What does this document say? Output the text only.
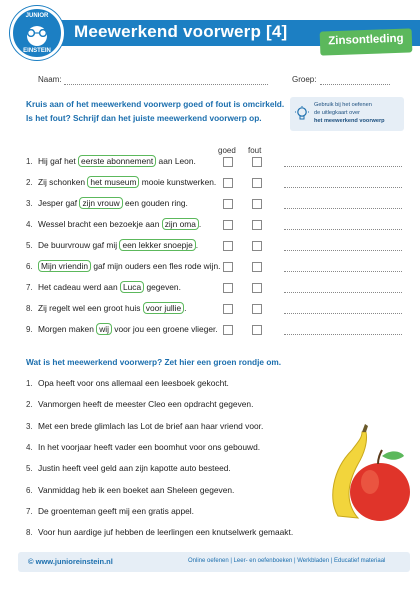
Meewerkend voorwerp [4]
JUNIOR
EINSTEIN
Zinsontleding
Naam:	Groep:
Kruis aan of het meewerkend voorwerp goed of fout is omcirkeld.
Is het fout? Schrijf dan het juiste meewerkend voorwerp op.
Gebruik bij het oefenen
de uitlegkaart over
het meewerkend voorwerp
goed fout
1. Hij gaf het eerste abonnement aan Leon.
2. Zij schonken het museum mooie kunstwerken.
3. Jesper gaf zijn vrouw een gouden ring.
4. Wessel bracht een bezoekje aan zijn oma .
5. De buurvrouw gaf mij een lekker snoepje .
6. Mijn vriendin gaf mijn ouders een fles rode wijn.
7. Het cadeau werd aan Luca gegeven.
8. Zij regelt wel een groot huis voor jullie .
9. Morgen maken wij voor jou een groene vlieger.
Wat is het meewerkend voorwerp? Zet hier een groen rondje om.
1. Opa heeft voor ons allemaal een leesboek gekocht.
2. Vanmorgen heeft de meester Cleo een opdracht gegeven.
3. Met een brede glimlach las Lot de brief aan haar vriend voor.
4. In het voorjaar heeft vader een boomhut voor ons gebouwd.
5. Justin heeft veel geld aan zijn kapotte auto besteed.
6. Vanmiddag heb ik een boeket aan Sheleen gegeven.
7. De groenteman geeft mij een gratis appel.
8. Voor hun aardige juf hebben de leerlingen een knutselwerk gemaakt.
© www.junioreinstein.nl	Online oefenen | Leer- en oefenboeken | Werkbladen | Educatief materiaal
